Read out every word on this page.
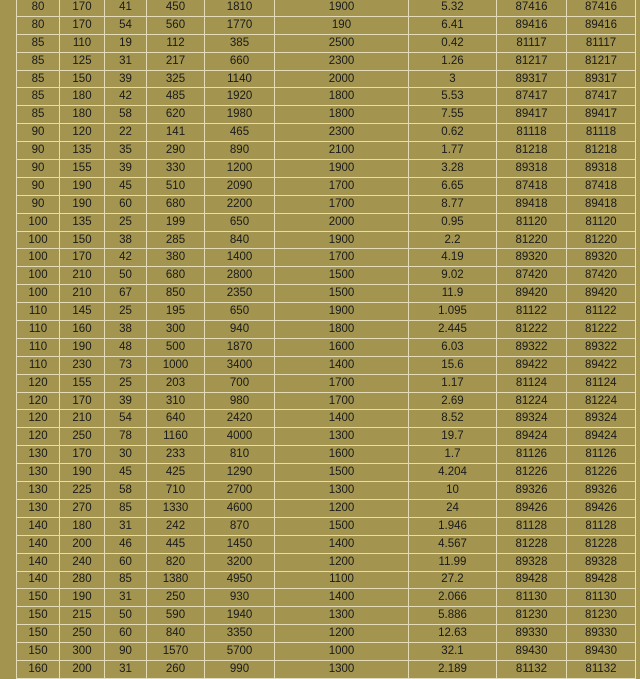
80	170	41	450	1810	1900	5.32	87416	87416
80	170	54	560	1770	190	6.41	89416	89416
85	110	19	112	385	2500	0.42	81117	81117
85	125	31	217	660	2300	1.26	81217	81217
85	150	39	325	1140	2000	3	89317	89317
85	180	42	485	1920	1800	5.53	87417	87417
85	180	58	620	1980	1800	7.55	89417	89417
90	120	22	141	465	2300	0.62	81118	81118
90	135	35	290	890	2100	1.77	81218	81218
90	155	39	330	1200	1900	3.28	89318	89318
90	190	45	510	2090	1700	6.65	87418	87418
90	190	60	680	2200	1700	8.77	89418	89418
100	135	25	199	650	2000	0.95	81120	81120
100	150	38	285	840	1900	2.2	81220	81220
100	170	42	380	1400	1700	4.19	89320	89320
100	210	50	680	2800	1500	9.02	87420	87420
100	210	67	850	2350	1500	11.9	89420	89420
110	145	25	195	650	1900	1.095	81122	81122
110	160	38	300	940	1800	2.445	81222	81222
110	190	48	500	1870	1600	6.03	89322	89322
110	230	73	1000	3400	1400	15.6	89422	89422
120	155	25	203	700	1700	1.17	81124	81124
120	170	39	310	980	1700	2.69	81224	81224
120	210	54	640	2420	1400	8.52	89324	89324
120	250	78	1160	4000	1300	19.7	89424	89424
130	170	30	233	810	1600	1.7	81126	81126
130	190	45	425	1290	1500	4.204	81226	81226
130	225	58	710	2700	1300	10	89326	89326
130	270	85	1330	4600	1200	24	89426	89426
140	180	31	242	870	1500	1.946	81128	81128
140	200	46	445	1450	1400	4.567	81228	81228
140	240	60	820	3200	1200	11.99	89328	89328
140	280	85	1380	4950	1100	27.2	89428	89428
150	190	31	250	930	1400	2.066	81130	81130
150	215	50	590	1940	1300	5.886	81230	81230
150	250	60	840	3350	1200	12.63	89330	89330
150	300	90	1570	5700	1000	32.1	89430	89430
160	200	31	260	990	1300	2.189	81132	81132
